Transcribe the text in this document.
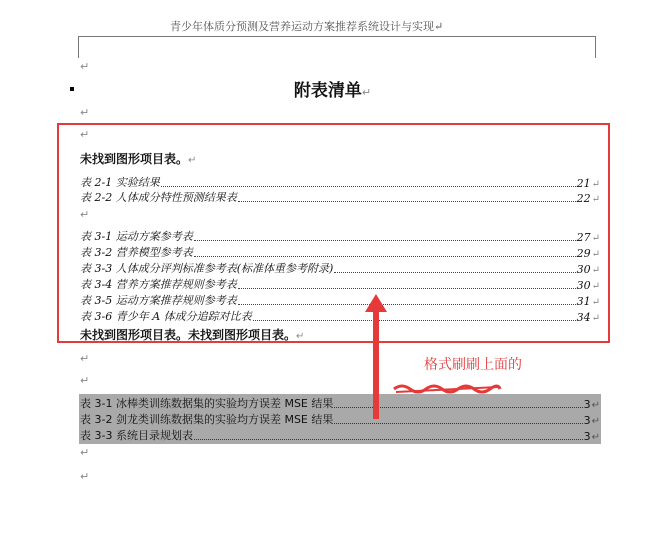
青少年体质分预测及营养运动方案推荐系统设计与实现↵
↵
附表清单↵
↵
↵
未找到图形项目表。↵
表 2-1 实验结果	21 ↵
表 2-2 人体成分特性预测结果表	22 ↵
↵
表 3-1 运动方案参考表	27 ↵
表 3-2 营养模型参考表	29 ↵
表 3-3 人体成分评判标准参考表(标准体重参考附录)	30 ↵
表 3-4 营养方案推荐规则参考表	30 ↵
表 3-5 运动方案推荐规则参考表	31 ↵
表 3-6 青少年 A 体成分追踪对比表	34 ↵
未找到图形项目表。未找到图形项目表。↵
↵
↵
表 3-1 冰棒类训练数据集的实验均方误差 MSE 结果	3 ↵
表 3-2 剑龙类训练数据集的实验均方误差 MSE 结果	3 ↵
表 3-3 系统目录规划表	3 ↵
↵
↵
格式刷刷上面的
